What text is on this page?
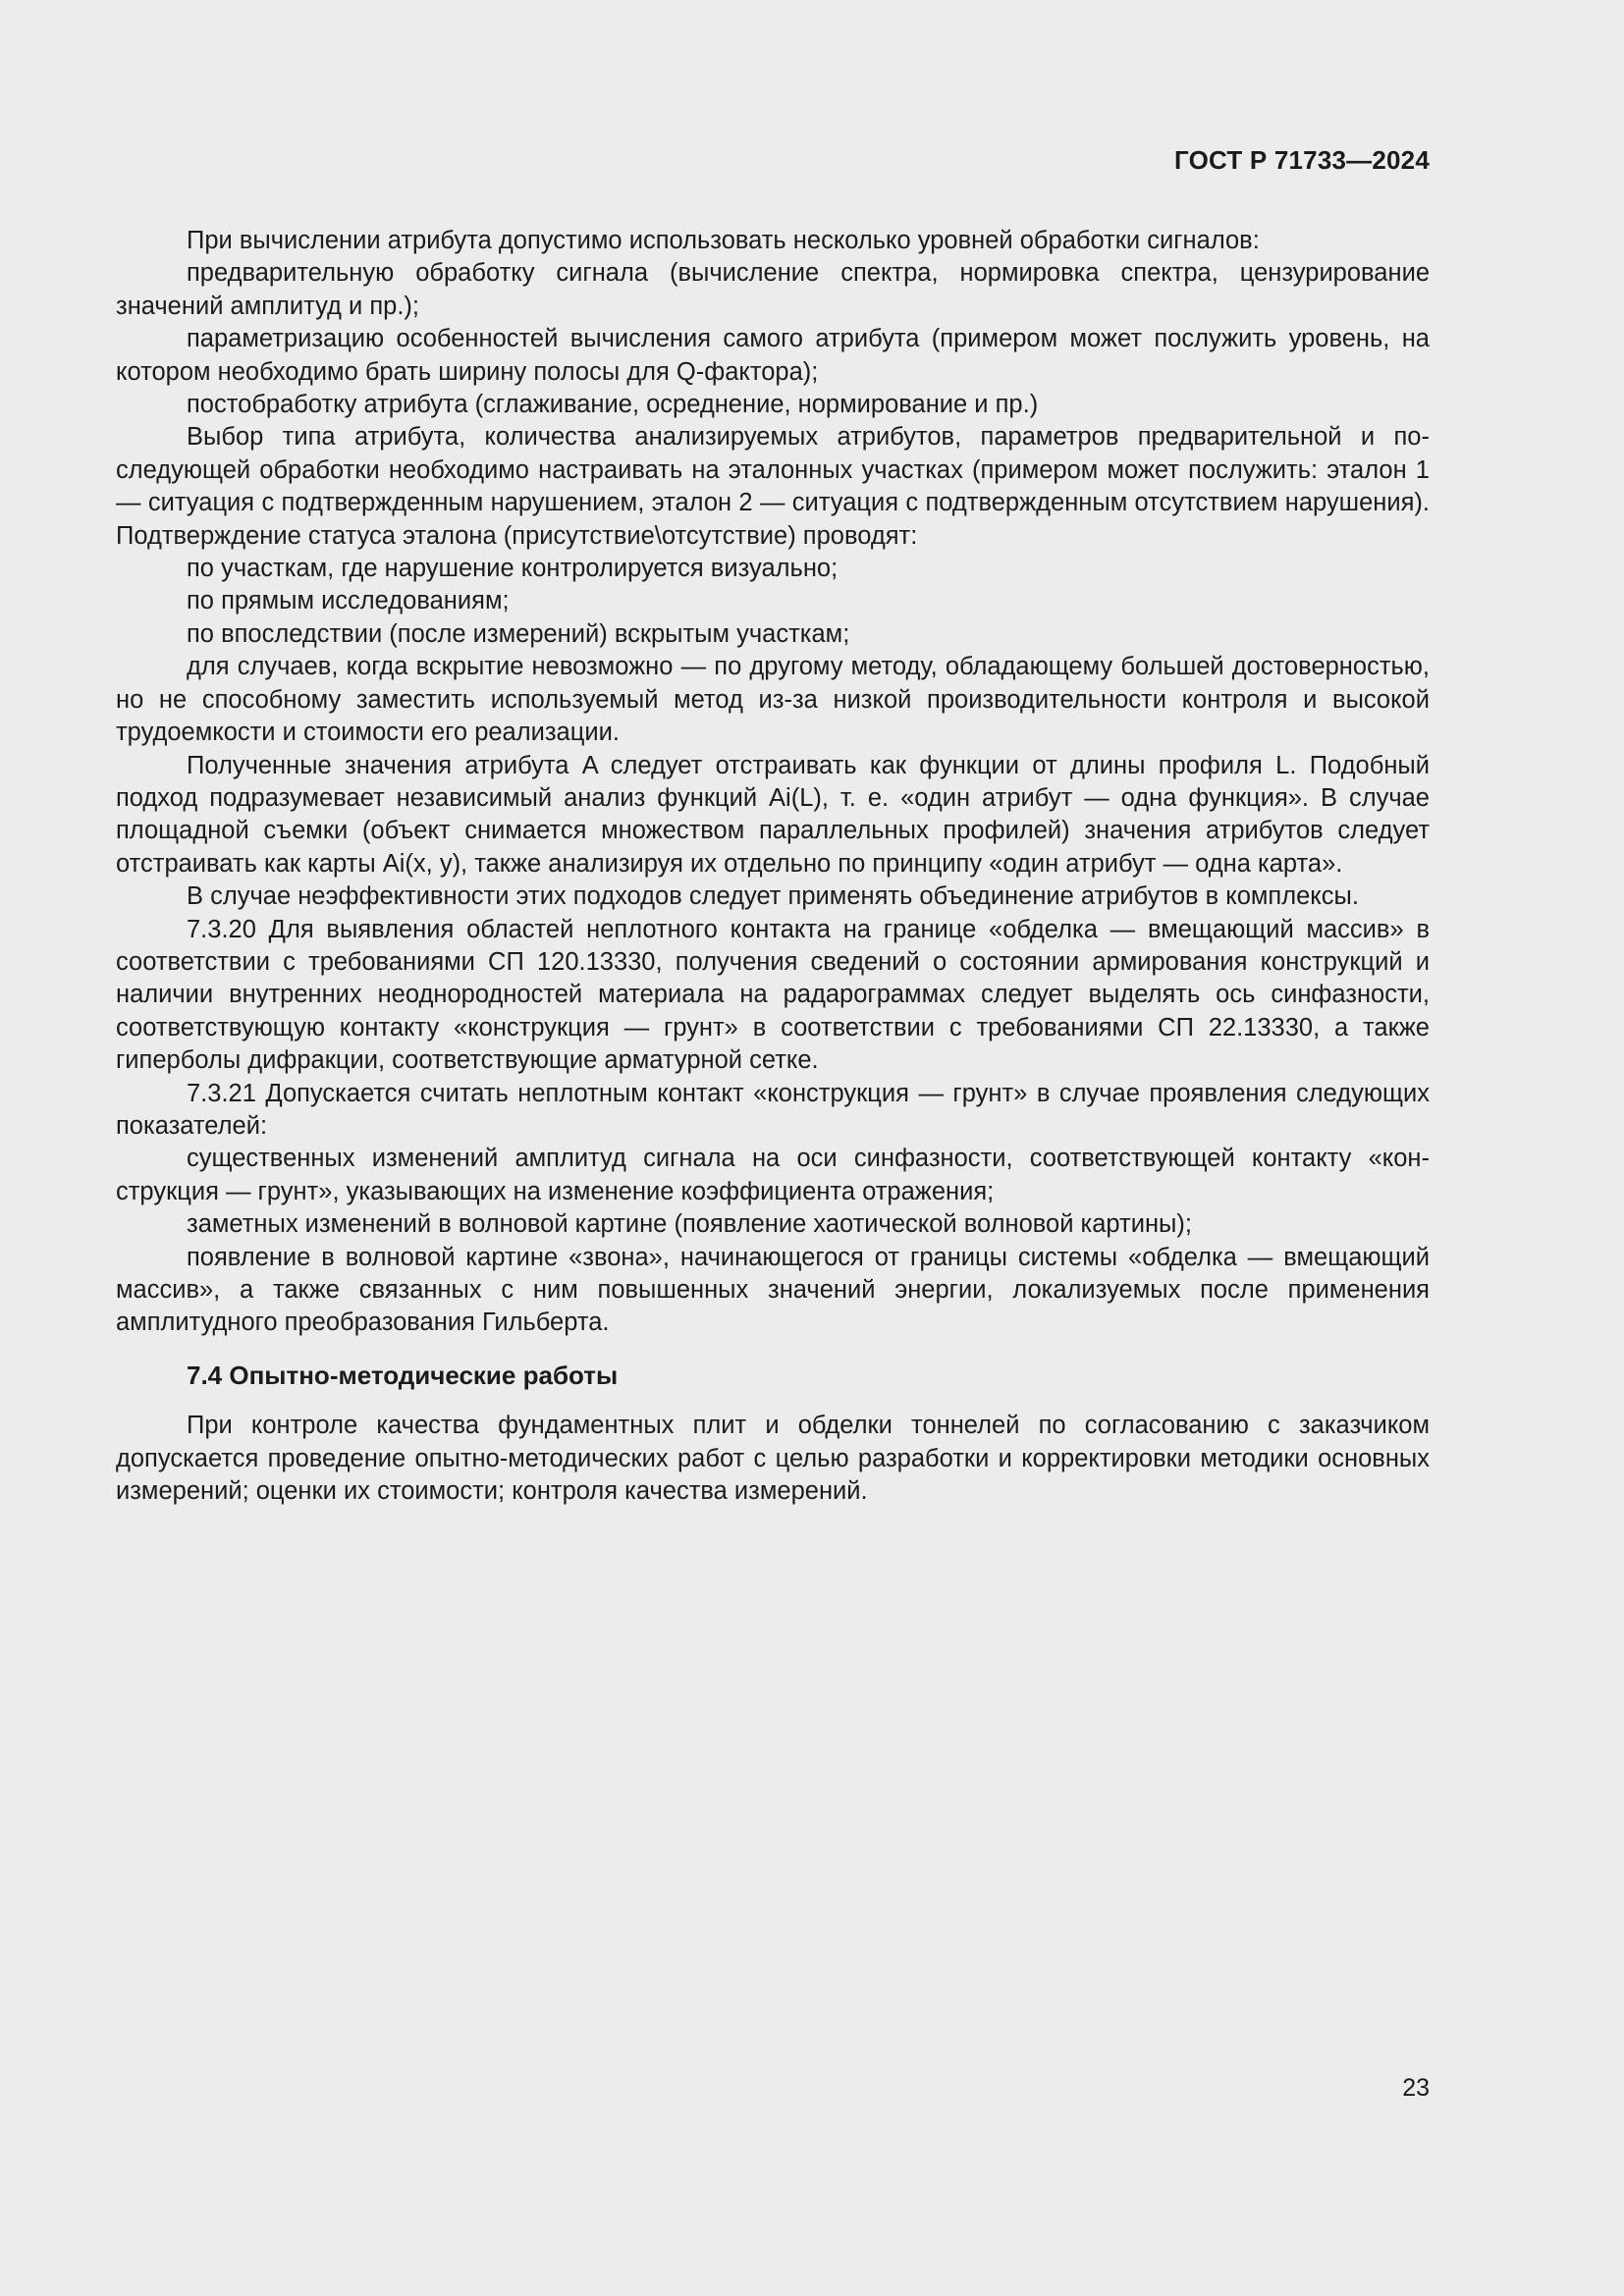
ГОСТ Р 71733—2024

При вычислении атрибута допустимо использовать несколько уровней обработки сигналов:

предварительную обработку сигнала (вычисление спектра, нормировка спектра, цензурирование значений амплитуд и пр.);

параметризацию особенностей вычисления самого атрибута (примером может послужить уровень, на котором необходимо брать ширину полосы для Q-фактора);

постобработку атрибута (сглаживание, осреднение, нормирование и пр.)

Выбор типа атрибута, количества анализируемых атрибутов, параметров предварительной и последующей обработки необходимо настраивать на эталонных участках (примером может послужить: эталон 1 — ситуация с подтвержденным нарушением, эталон 2 — ситуация с подтвержденным отсутствием нарушения). Подтверждение статуса эталона (присутствие\отсутствие) проводят:

по участкам, где нарушение контролируется визуально;

по прямым исследованиям;

по впоследствии (после измерений) вскрытым участкам;

для случаев, когда вскрытие невозможно — по другому методу, обладающему большей достоверностью, но не способному заместить используемый метод из-за низкой производительности контроля и высокой трудоемкости и стоимости его реализации.

Полученные значения атрибута A следует отстраивать как функции от длины профиля L. Подобный подход подразумевает независимый анализ функций Ai(L), т. е. «один атрибут — одна функция». В случае площадной съемки (объект снимается множеством параллельных профилей) значения атрибутов следует отстраивать как карты Ai(x, y), также анализируя их отдельно по принципу «один атрибут — одна карта».

В случае неэффективности этих подходов следует применять объединение атрибутов в комплексы.

7.3.20 Для выявления областей неплотного контакта на границе «обделка — вмещающий массив» в соответствии с требованиями СП 120.13330, получения сведений о состоянии армирования конструкций и наличии внутренних неоднородностей материала на радарограммах следует выделять ось синфазности, соответствующую контакту «конструкция — грунт» в соответствии с требованиями СП 22.13330, а также гиперболы дифракции, соответствующие арматурной сетке.

7.3.21 Допускается считать неплотным контакт «конструкция — грунт» в случае проявления следующих показателей:

существенных изменений амплитуд сигнала на оси синфазности, соответствующей контакту «конструкция — грунт», указывающих на изменение коэффициента отражения;

заметных изменений в волновой картине (появление хаотической волновой картины);

появление в волновой картине «звона», начинающегося от границы системы «обделка — вмещающий массив», а также связанных с ним повышенных значений энергии, локализуемых после применения амплитудного преобразования Гильберта.

7.4 Опытно-методические работы

При контроле качества фундаментных плит и обделки тоннелей по согласованию с заказчиком допускается проведение опытно-методических работ с целью разработки и корректировки методики основных измерений; оценки их стоимости; контроля качества измерений.

23
